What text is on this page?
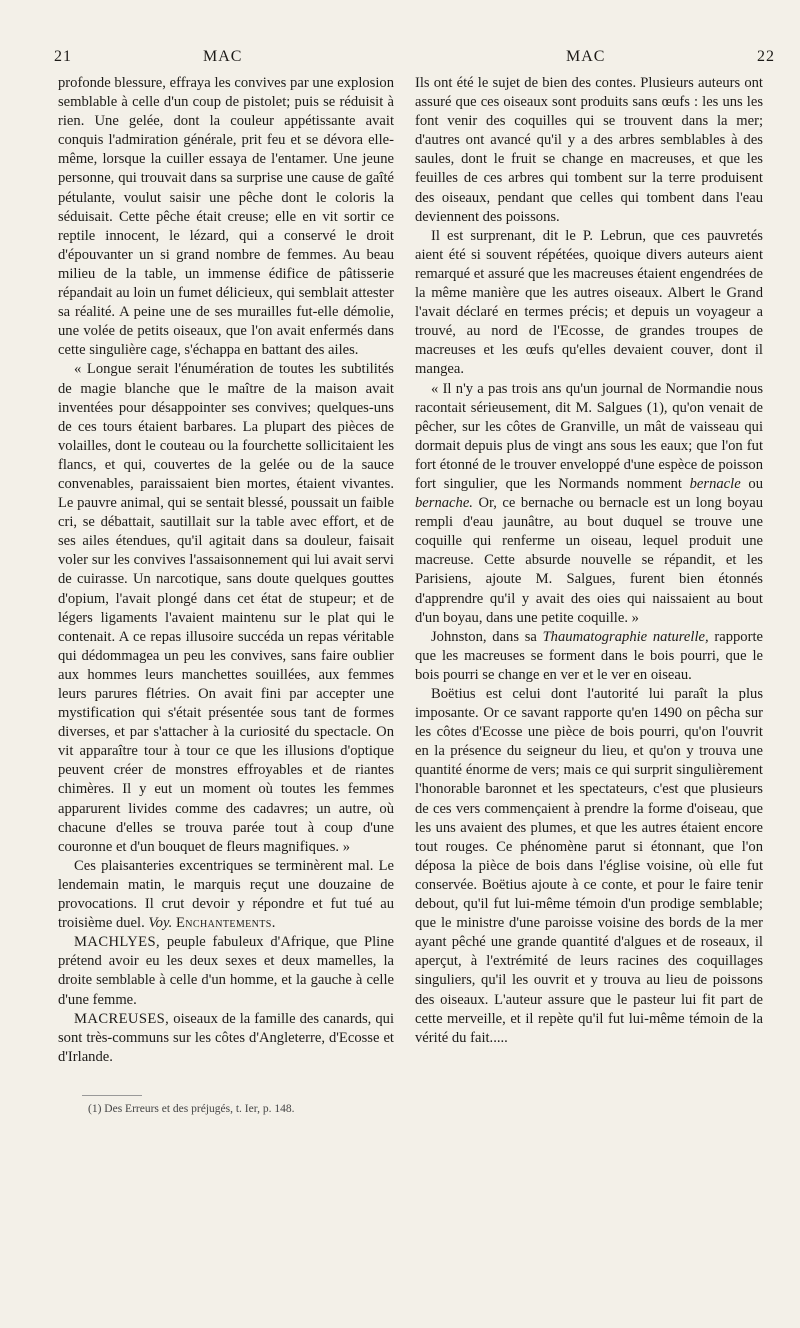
21	MAC	MAC	22

profonde blessure, effraya les convives par une explosion semblable à celle d'un coup de pistolet; puis se réduisit à rien. Une gelée, dont la couleur appétissante avait conquis l'admiration générale, prit feu et se dévora elle-même, lorsque la cuiller essaya de l'entamer. Une jeune personne, qui trouvait dans sa surprise une cause de gaîté pétulante, voulut saisir une pêche dont le coloris la séduisait. Cette pêche était creuse; elle en vit sortir ce reptile innocent, le lézard, qui a conservé le droit d'épouvanter un si grand nombre de femmes. Au beau milieu de la table, un immense édifice de pâtisserie répandait au loin un fumet délicieux, qui semblait attester sa réalité. A peine une de ses murailles fut-elle démolie, une volée de petits oiseaux, que l'on avait enfermés dans cette singulière cage, s'échappa en battant des ailes.

« Longue serait l'énumération de toutes les subtilités de magie blanche que le maître de la maison avait inventées pour désappointer ses convives; quelques-uns de ces tours étaient barbares. La plupart des pièces de volailles, dont le couteau ou la fourchette sollicitaient les flancs, et qui, couvertes de la gelée ou de la sauce convenables, paraissaient bien mortes, étaient vivantes. Le pauvre animal, qui se sentait blessé, poussait un faible cri, se débattait, sautillait sur la table avec effort, et de ses ailes étendues, qu'il agitait dans sa douleur, faisait voler sur les convives l'assaisonnement qui lui avait servi de cuirasse. Un narcotique, sans doute quelques gouttes d'opium, l'avait plongé dans cet état de stupeur; et de légers ligaments l'avaient maintenu sur le plat qui le contenait. A ce repas illusoire succéda un repas véritable qui dédommagea un peu les convives, sans faire oublier aux hommes leurs manchettes souillées, aux femmes leurs parures flétries. On avait fini par accepter une mystification qui s'était présentée sous tant de formes diverses, et par s'attacher à la curiosité du spectacle. On vit apparaître tour à tour ce que les illusions d'optique peuvent créer de monstres effroyables et de riantes chimères. Il y eut un moment où toutes les femmes apparurent livides comme des cadavres; un autre, où chacune d'elles se trouva parée tout à coup d'une couronne et d'un bouquet de fleurs magnifiques. »

Ces plaisanteries excentriques se terminèrent mal. Le lendemain matin, le marquis reçut une douzaine de provocations. Il crut devoir y répondre et fut tué au troisième duel. Voy. Enchantements.

MACHLYES, peuple fabuleux d'Afrique, que Pline prétend avoir eu les deux sexes et deux mamelles, la droite semblable à celle d'un homme, et la gauche à celle d'une femme.

MACREUSES, oiseaux de la famille des canards, qui sont très-communs sur les côtes d'Angleterre, d'Ecosse et d'Irlande.

Ils ont été le sujet de bien des contes. Plusieurs auteurs ont assuré que ces oiseaux sont produits sans œufs : les uns les font venir des coquilles qui se trouvent dans la mer; d'autres ont avancé qu'il y a des arbres semblables à des saules, dont le fruit se change en macreuses, et que les feuilles de ces arbres qui tombent sur la terre produisent des oiseaux, pendant que celles qui tombent dans l'eau deviennent des poissons.

Il est surprenant, dit le P. Lebrun, que ces pauvretés aient été si souvent répétées, quoique divers auteurs aient remarqué et assuré que les macreuses étaient engendrées de la même manière que les autres oiseaux. Albert le Grand l'avait déclaré en termes précis; et depuis un voyageur a trouvé, au nord de l'Ecosse, de grandes troupes de macreuses et les œufs qu'elles devaient couver, dont il mangea.

« Il n'y a pas trois ans qu'un journal de Normandie nous racontait sérieusement, dit M. Salgues (1), qu'on venait de pêcher, sur les côtes de Granville, un mât de vaisseau qui dormait depuis plus de vingt ans sous les eaux; que l'on fut fort étonné de le trouver enveloppé d'une espèce de poisson fort singulier, que les Normands nomment bernacle ou bernache. Or, ce bernache ou bernacle est un long boyau rempli d'eau jaunâtre, au bout duquel se trouve une coquille qui renferme un oiseau, lequel produit une macreuse. Cette absurde nouvelle se répandit, et les Parisiens, ajoute M. Salgues, furent bien étonnés d'apprendre qu'il y avait des oies qui naissaient au bout d'un boyau, dans une petite coquille. »

Johnston, dans sa Thaumatographie naturelle, rapporte que les macreuses se forment dans le bois pourri, que le bois pourri se change en ver et le ver en oiseau.

Boëtius est celui dont l'autorité lui paraît la plus imposante. Or ce savant rapporte qu'en 1490 on pêcha sur les côtes d'Ecosse une pièce de bois pourri, qu'on l'ouvrit en la présence du seigneur du lieu, et qu'on y trouva une quantité énorme de vers; mais ce qui surprit singulièrement l'honorable baronnet et les spectateurs, c'est que plusieurs de ces vers commençaient à prendre la forme d'oiseau, que les uns avaient des plumes, et que les autres étaient encore tout rouges. Ce phénomène parut si étonnant, que l'on déposa la pièce de bois dans l'église voisine, où elle fut conservée. Boëtius ajoute à ce conte, et pour le faire tenir debout, qu'il fut lui-même témoin d'un prodige semblable; que le ministre d'une paroisse voisine des bords de la mer ayant pêché une grande quantité d'algues et de roseaux, il aperçut, à l'extrémité de leurs racines des coquillages singuliers, qu'il les ouvrit et y trouva au lieu de poissons des oiseaux. L'auteur assure que le pasteur lui fit part de cette merveille, et il repète qu'il fut lui-même témoin de la vérité du fait.....

(1) Des Erreurs et des préjugés, t. Ier, p. 148.
